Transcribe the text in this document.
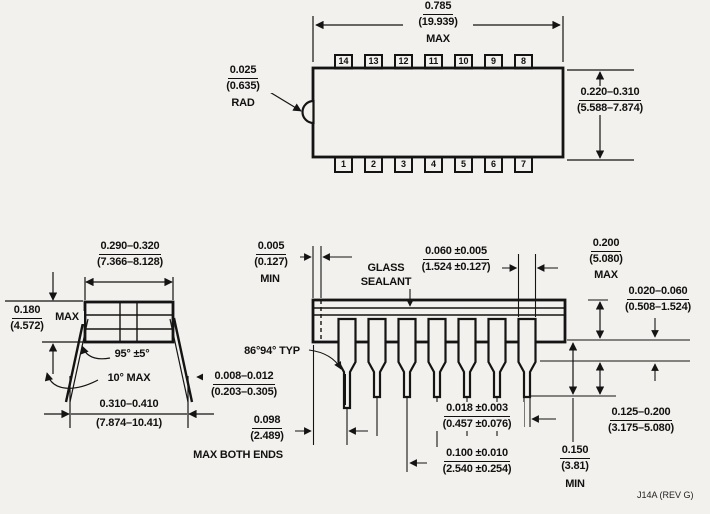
$\frac{0.785}{(19.939)}$
MAX
$\frac{0.025}{(0.635)}$
RAD	$\frac{0.220-0.310}{(5.588-7.874)}$
14	13	12	11	10	9	8
1	2	3	4	5	6	7
$\frac{0.290-0.320}{(7.366-8.128)}$
$\frac{0.180}{(4.572)}$ MAX
95° ±5°
10° MAX
0.310–0.410
(7.874–10.41)
$\frac{0.005}{(0.127)}$
MIN
GLASS
SEALANT
$\frac{0.060 \pm 0.005}{(1.524 \pm 0.127)}$	$\frac{0.200}{(5.080)}$
MAX
$\frac{0.020-0.060}{(0.508-1.524)}$
86°94° TYP
$\frac{0.008-0.012}{(0.203-0.305)}$
$\frac{0.098}{(2.489)}$
MAX BOTH ENDS
$\frac{0.018 \pm 0.003}{(0.457 \pm 0.076)}$
$\frac{0.100 \pm 0.010}{(2.540 \pm 0.254)}$
$\frac{0.125-0.200}{(3.175-5.080)}$
$\frac{0.150}{(3.81)}$
MIN
J14A (REV G)
